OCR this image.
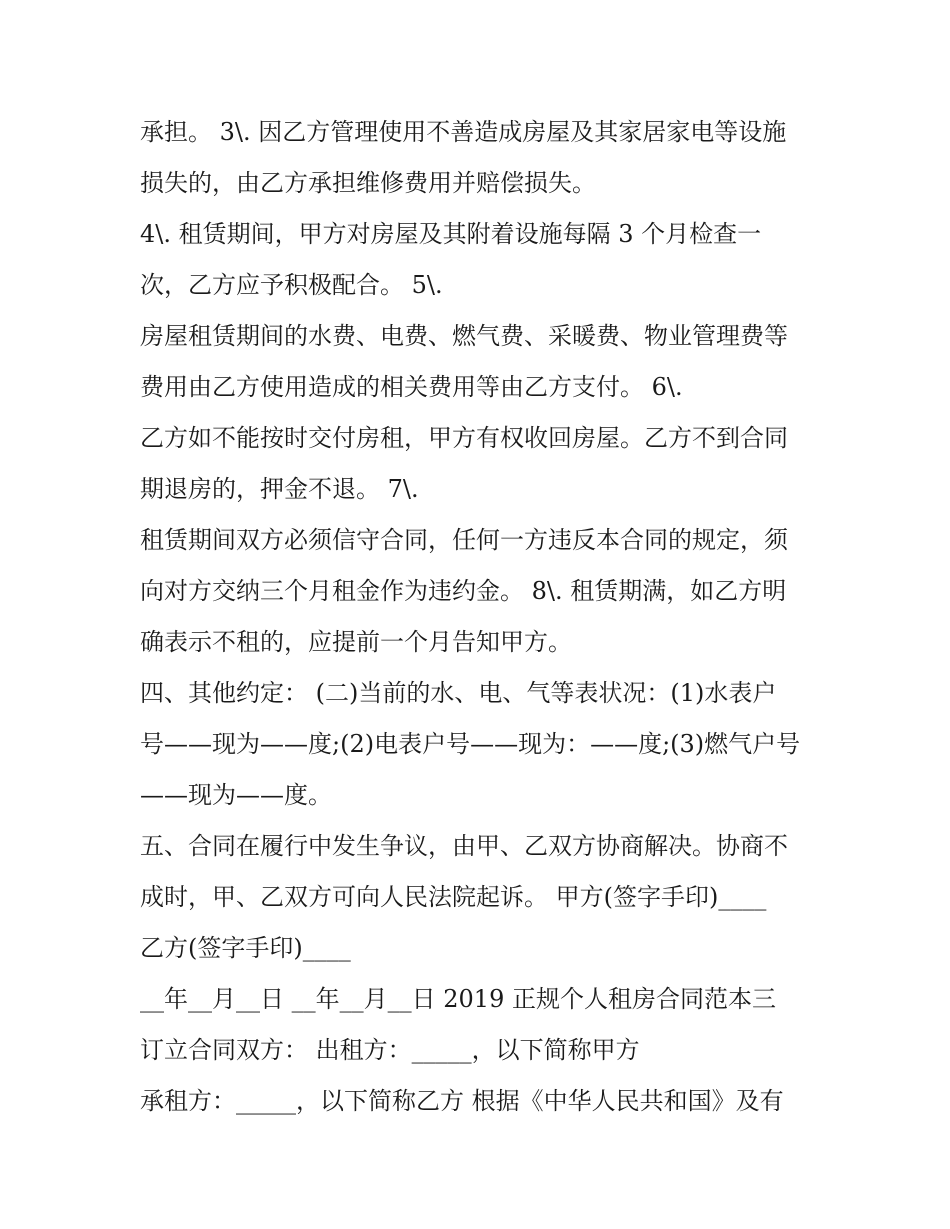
承担。 3\. 因乙方管理使用不善造成房屋及其家居家电等设施
损失的，由乙方承担维修费用并赔偿损失。
4\. 租赁期间，甲方对房屋及其附着设施每隔 3 个月检查一
次，乙方应予积极配合。 5\.
房屋租赁期间的水费、电费、燃气费、采暖费、物业管理费等
费用由乙方使用造成的相关费用等由乙方支付。 6\.
乙方如不能按时交付房租，甲方有权收回房屋。乙方不到合同
期退房的，押金不退。 7\.
租赁期间双方必须信守合同，任何一方违反本合同的规定，须
向对方交纳三个月租金作为违约金。 8\. 租赁期满，如乙方明
确表示不租的，应提前一个月告知甲方。
四、其他约定： (二)当前的水、电、气等表状况：(1)水表户
号——现为——度;(2)电表户号——现为：——度;(3)燃气户号
——现为——度。
五、合同在履行中发生争议，由甲、乙双方协商解决。协商不
成时，甲、乙双方可向人民法院起诉。 甲方(签字手印)____
乙方(签字手印)____
__年__月__日 __年__月__日 2019 正规个人租房合同范本三
订立合同双方： 出租方：_____，以下简称甲方
承租方：_____，以下简称乙方 根据《中华人民共和国》及有
